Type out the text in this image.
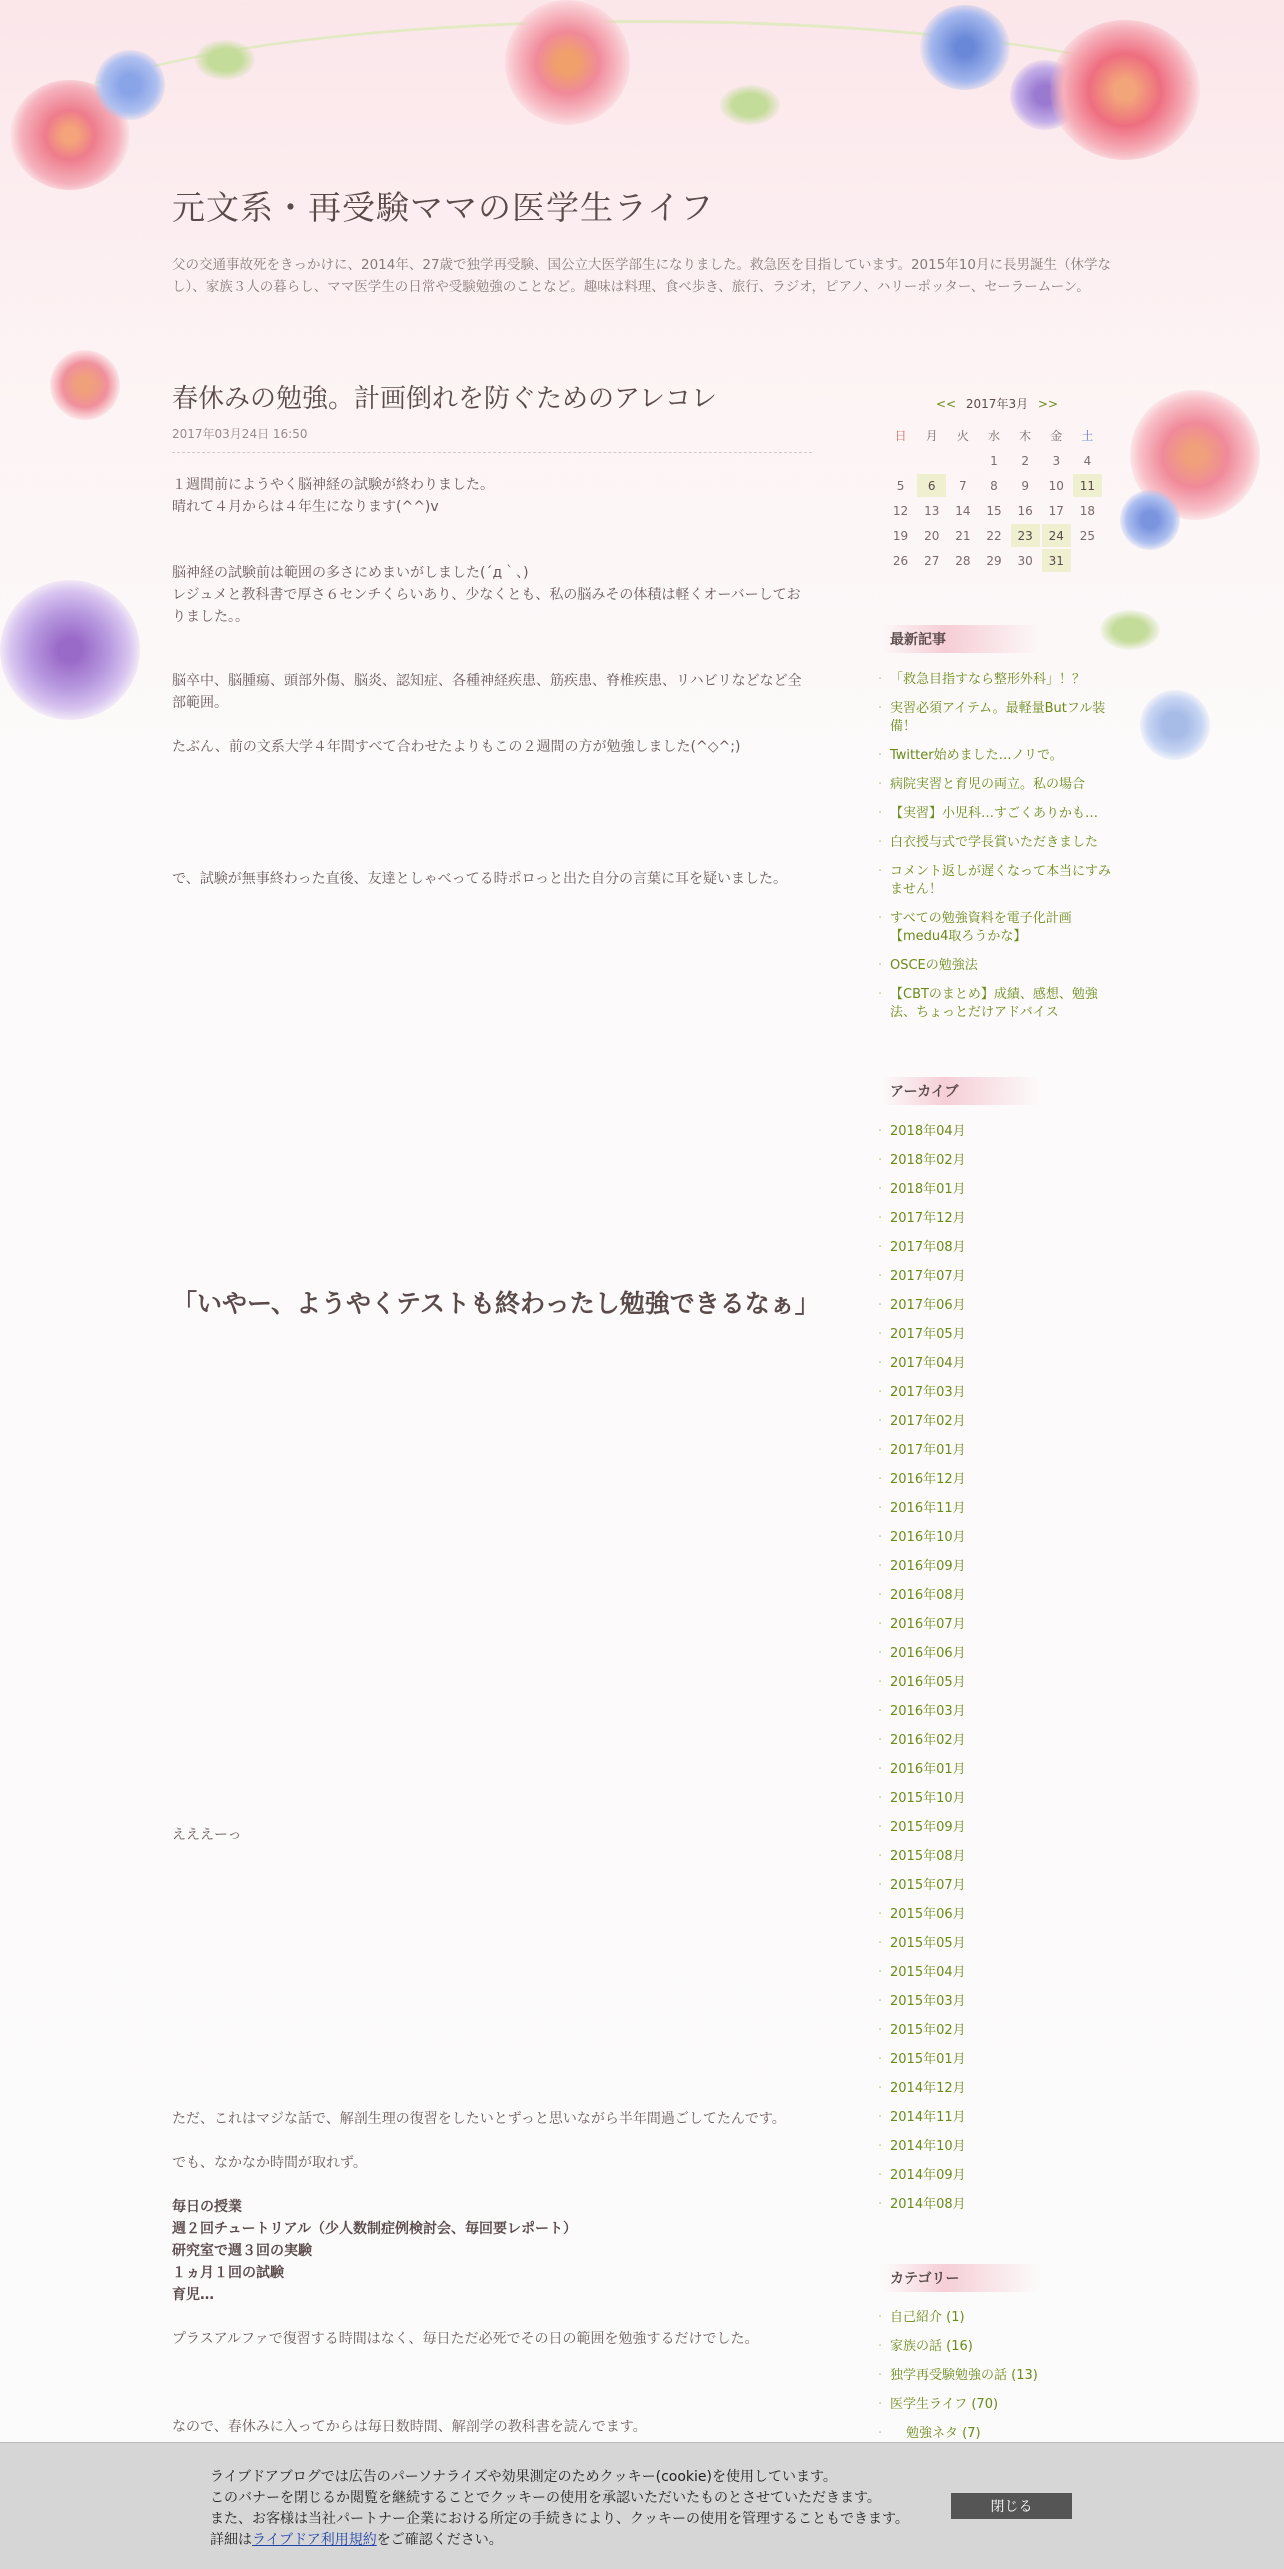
元文系・再受験ママの医学生ライフ
父の交通事故死をきっかけに、2014年、27歳で独学再受験、国公立大医学部生になりました。救急医を目指しています。2015年10月に長男誕生（休学なし）、家族３人の暮らし、ママ医学生の日常や受験勉強のことなど。趣味は料理、食べ歩き、旅行、ラジオ，ピアノ、ハリーポッター、セーラームーン。
春休みの勉強。計画倒れを防ぐためのアレコレ
2017年03月24日 16:50
１週間前にようやく脳神経の試験が終わりました。
晴れて４月からは４年生になります(^^)v
脳神経の試験前は範囲の多さにめまいがしました(´д｀、)
レジュメと教科書で厚さ６センチくらいあり、少なくとも、私の脳みその体積は軽くオーバーしておりました。。
脳卒中、脳腫瘍、頭部外傷、脳炎、認知症、各種神経疾患、筋疾患、脊椎疾患、リハビリなどなど全部範囲。
たぶん、前の文系大学４年間すべて合わせたよりもこの２週間の方が勉強しました(^◇^;)
で、試験が無事終わった直後、友達としゃべってる時ポロっと出た自分の言葉に耳を疑いました。
「いやー、ようやくテストも終わったし勉強できるなぁ」
えええーっ
ただ、これはマジな話で、解剖生理の復習をしたいとずっと思いながら半年間過ごしてたんです。
でも、なかなか時間が取れず。
毎日の授業
週２回チュートリアル（少人数制症例検討会、毎回要レポート）
研究室で週３回の実験
１ヵ月１回の試験
育児…
プラスアルファで復習する時間はなく、毎日ただ必死でその日の範囲を勉強するだけでした。
なので、春休みに入ってからは毎日数時間、解剖学の教科書を読んでます。
<< 2017年3月 >>
日	月	火	水	木	金	土
			1	2	3	4
5	6	7	8	9	10	11
12	13	14	15	16	17	18
19	20	21	22	23	24	25
26	27	28	29	30	31	
最新記事
· 「救急目指すなら整形外科」！？
· 実習必須アイテム。最軽量Butフル装備！
· Twitter始めました…ノリで。
· 病院実習と育児の両立。私の場合
· 【実習】小児科…すごくありかも…
· 白衣授与式で学長賞いただきました
· コメント返しが遅くなって本当にすみません！
· すべての勉強資料を電子化計画【medu4取ろうかな】
· OSCEの勉強法
· 【CBTのまとめ】成績、感想、勉強法、ちょっとだけアドバイス
アーカイブ
· 2018年04月
· 2018年02月
· 2018年01月
· 2017年12月
· 2017年08月
· 2017年07月
· 2017年06月
· 2017年05月
· 2017年04月
· 2017年03月
· 2017年02月
· 2017年01月
· 2016年12月
· 2016年11月
· 2016年10月
· 2016年09月
· 2016年08月
· 2016年07月
· 2016年06月
· 2016年05月
· 2016年03月
· 2016年02月
· 2016年01月
· 2015年10月
· 2015年09月
· 2015年08月
· 2015年07月
· 2015年06月
· 2015年05月
· 2015年04月
· 2015年03月
· 2015年02月
· 2015年01月
· 2014年12月
· 2014年11月
· 2014年10月
· 2014年09月
· 2014年08月
カテゴリー
· 自己紹介 (1)
· 家族の話 (16)
· 独学再受験勉強の話 (13)
· 医学生ライフ (70)
· 勉強ネタ (7)
ライブドアブログでは広告のパーソナライズや効果測定のためクッキー(cookie)を使用しています。
このバナーを閉じるか閲覧を継続することでクッキーの使用を承認いただいたものとさせていただきます。
また、お客様は当社パートナー企業における所定の手続きにより、クッキーの使用を管理することもできます。
詳細はライブドア利用規約をご確認ください。
閉じる
